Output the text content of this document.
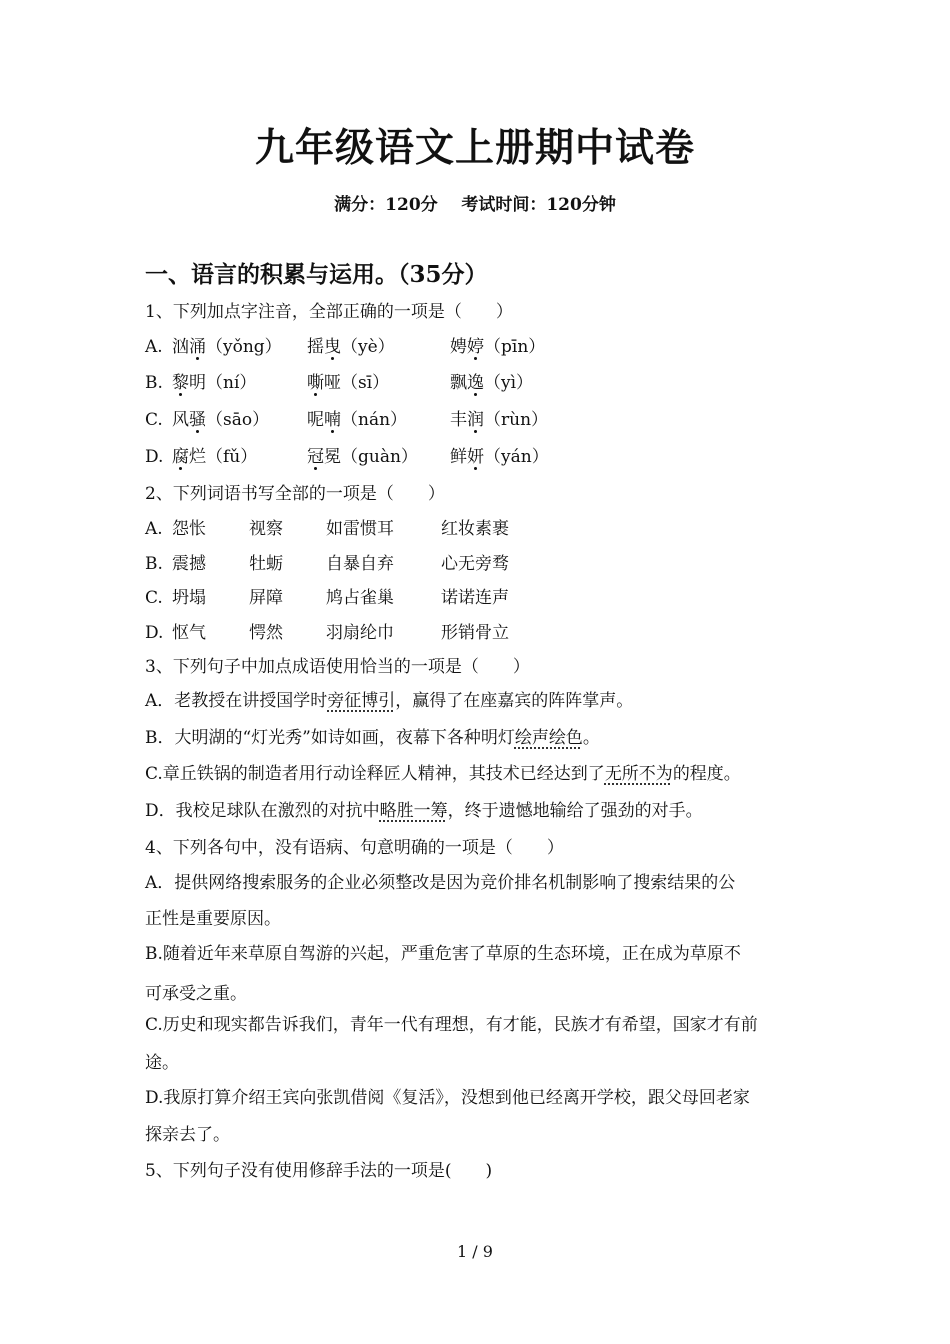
九年级语文上册期中试卷
满分：120分    考试时间：120分钟
一、语言的积累与运用。（35分）
1、下列加点字注音，全部正确的一项是（　　）
A. 汹涌（yǒng） 摇曳（yè）	娉婷（pīn）
B. 黎明（ní）	嘶哑（sī）	飘逸（yì）
C. 风骚（sāo） 呢喃（nán）	丰润（rùn）
D. 腐烂（fǔ）	冠冕（guàn） 鲜妍（yán）
2、下列词语书写全部的一项是（　　）
A. 怨怅	视察	如雷惯耳	红妆素裹
B. 震撼	牡蛎	自暴自弃	心无旁骛
C. 坍塌	屏障	鸠占雀巢	诺诺连声
D. 怄气	愕然	羽扇纶巾	形销骨立
3、下列句子中加点成语使用恰当的一项是（　　）
A．老教授在讲授国学时旁征博引，赢得了在座嘉宾的阵阵掌声。
B．大明湖的“灯光秀”如诗如画，夜幕下各种明灯绘声绘色。
C.章丘铁锅的制造者用行动诠释匠人精神，其技术已经达到了无所不为的程度。
D．我校足球队在激烈的对抗中略胜一筹，终于遗憾地输给了强劲的对手。
4、下列各句中，没有语病、句意明确的一项是（　　）
A．提供网络搜索服务的企业必须整改是因为竞价排名机制影响了搜索结果的公
正性是重要原因。
B.随着近年来草原自驾游的兴起，严重危害了草原的生态环境，正在成为草原不
可承受之重。
C.历史和现实都告诉我们，青年一代有理想，有才能，民族才有希望，国家才有前
途。
D.我原打算介绍王宾向张凯借阅《复活》，没想到他已经离开学校，跟父母回老家
探亲去了。
5、下列句子没有使用修辞手法的一项是(　　)
1 / 9
